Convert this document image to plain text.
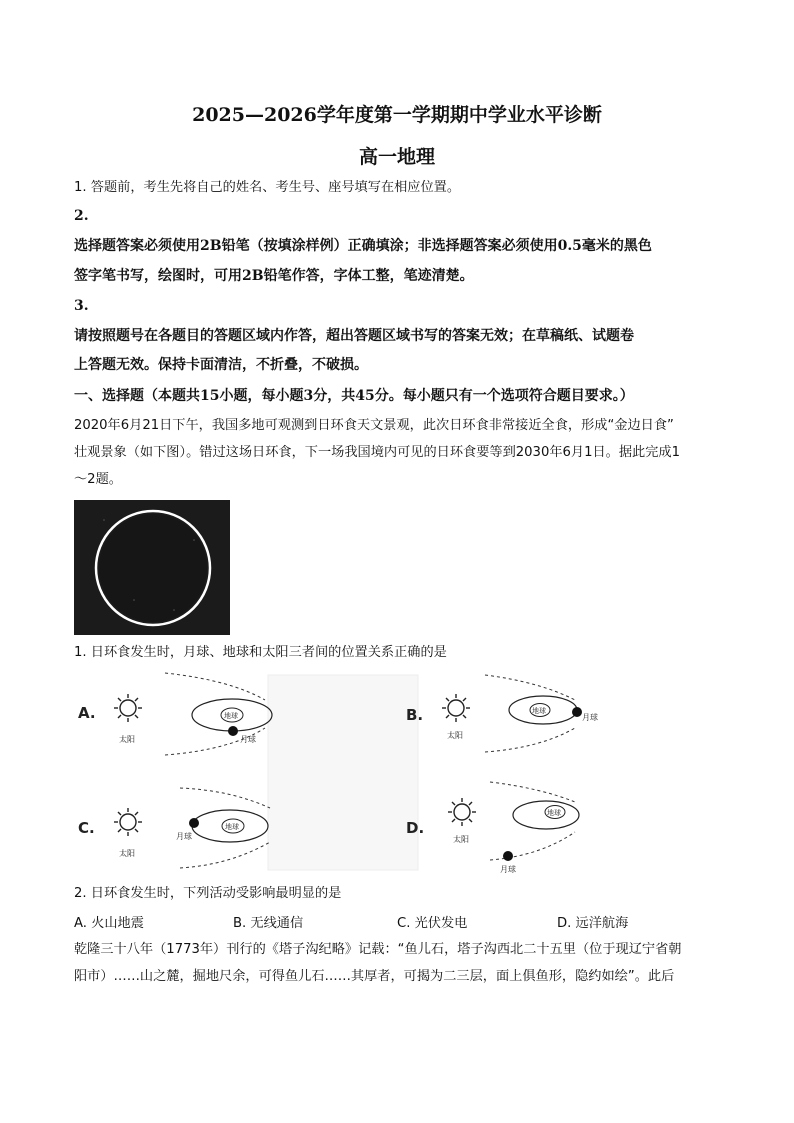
2025—2026学年度第一学期期中学业水平诊断
高一地理
1. 答题前，考生先将自己的姓名、考生号、座号填写在相应位置。
2.
选择题答案必须使用2B铅笔（按填涂样例）正确填涂；非选择题答案必须使用0.5毫米的黑色
签字笔书写，绘图时，可用2B铅笔作答，字体工整，笔迹清楚。
3.
请按照题号在各题目的答题区域内作答，超出答题区域书写的答案无效；在草稿纸、试题卷
上答题无效。保持卡面清洁，不折叠，不破损。
一、选择题（本题共15小题，每小题3分，共45分。每小题只有一个选项符合题目要求。）
2020年6月21日下午，我国多地可观测到日环食天文景观，此次日环食非常接近全食，形成“金边日食”
壮观景象（如下图）。错过这场日环食，下一场我国境内可见的日环食要等到2030年6月1日。据此完成1
～2题。
1. 日环食发生时，月球、地球和太阳三者间的位置关系正确的是
A.
太阳
地球
月球
B.
太阳
地球
月球
C.
太阳
地球
月球	D.
太阳
地球
月球
2. 日环食发生时，下列活动受影响最明显的是
A. 火山地震	B. 无线通信	C. 光伏发电	D. 远洋航海
乾隆三十八年（1773年）刊行的《塔子沟纪略》记载：“鱼儿石，塔子沟西北二十五里（位于现辽宁省朝
阳市）……山之麓，掘地尺余，可得鱼儿石……其厚者，可揭为二三层，面上俱鱼形，隐约如绘”。此后
